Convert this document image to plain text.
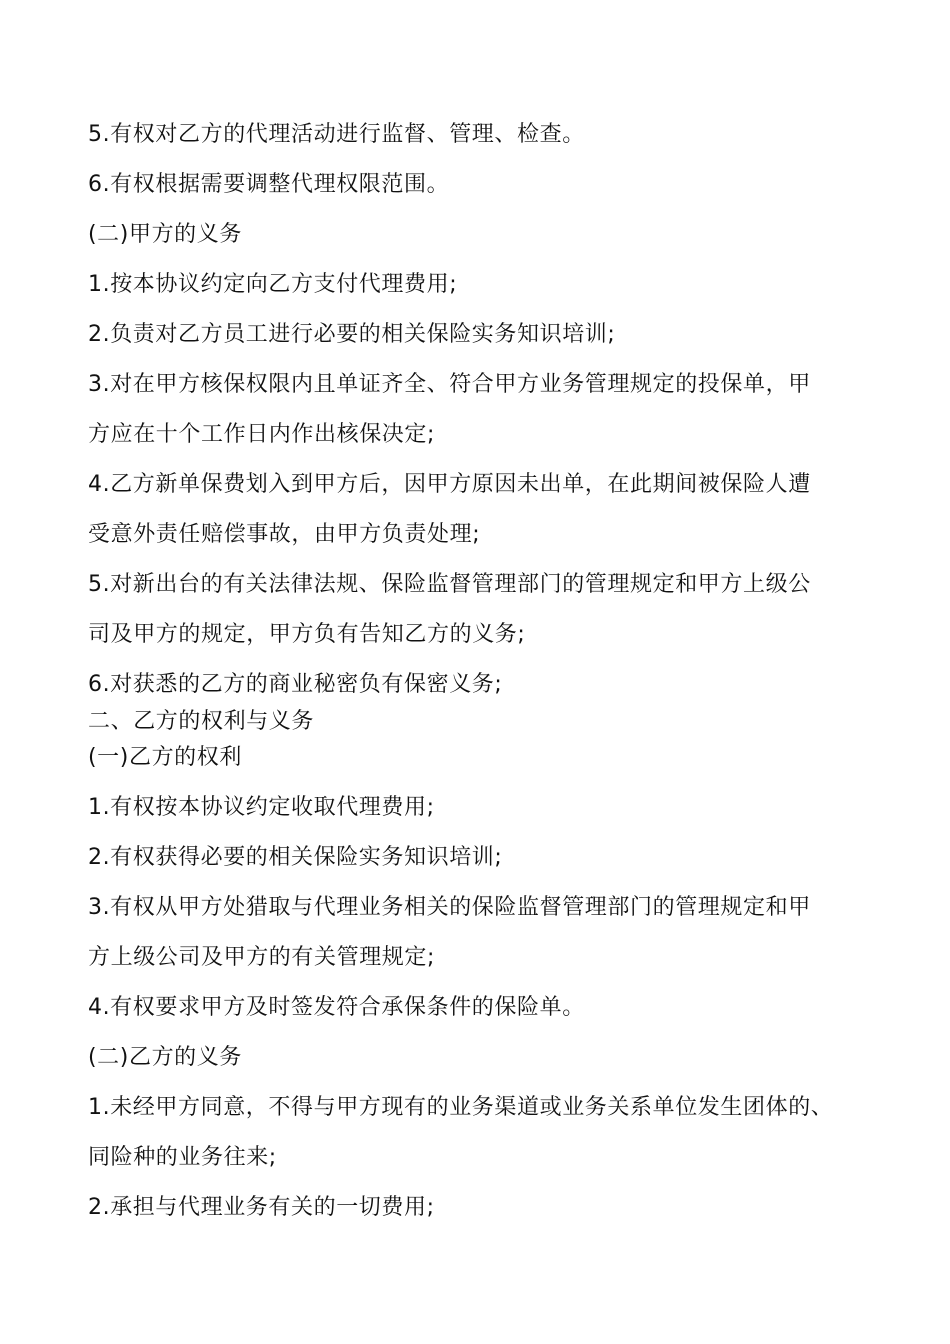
5.有权对乙方的代理活动进行监督、管理、检查。
6.有权根据需要调整代理权限范围。
(二)甲方的义务
1.按本协议约定向乙方支付代理费用;
2.负责对乙方员工进行必要的相关保险实务知识培训;
3.对在甲方核保权限内且单证齐全、符合甲方业务管理规定的投保单，甲
方应在十个工作日内作出核保决定;
4.乙方新单保费划入到甲方后，因甲方原因未出单，在此期间被保险人遭
受意外责任赔偿事故，由甲方负责处理;
5.对新出台的有关法律法规、保险监督管理部门的管理规定和甲方上级公
司及甲方的规定，甲方负有告知乙方的义务;
6.对获悉的乙方的商业秘密负有保密义务;
二、乙方的权利与义务
(一)乙方的权利
1.有权按本协议约定收取代理费用;
2.有权获得必要的相关保险实务知识培训;
3.有权从甲方处猎取与代理业务相关的保险监督管理部门的管理规定和甲
方上级公司及甲方的有关管理规定;
4.有权要求甲方及时签发符合承保条件的保险单。
(二)乙方的义务
1.未经甲方同意，不得与甲方现有的业务渠道或业务关系单位发生团体的、
同险种的业务往来;
2.承担与代理业务有关的一切费用;
